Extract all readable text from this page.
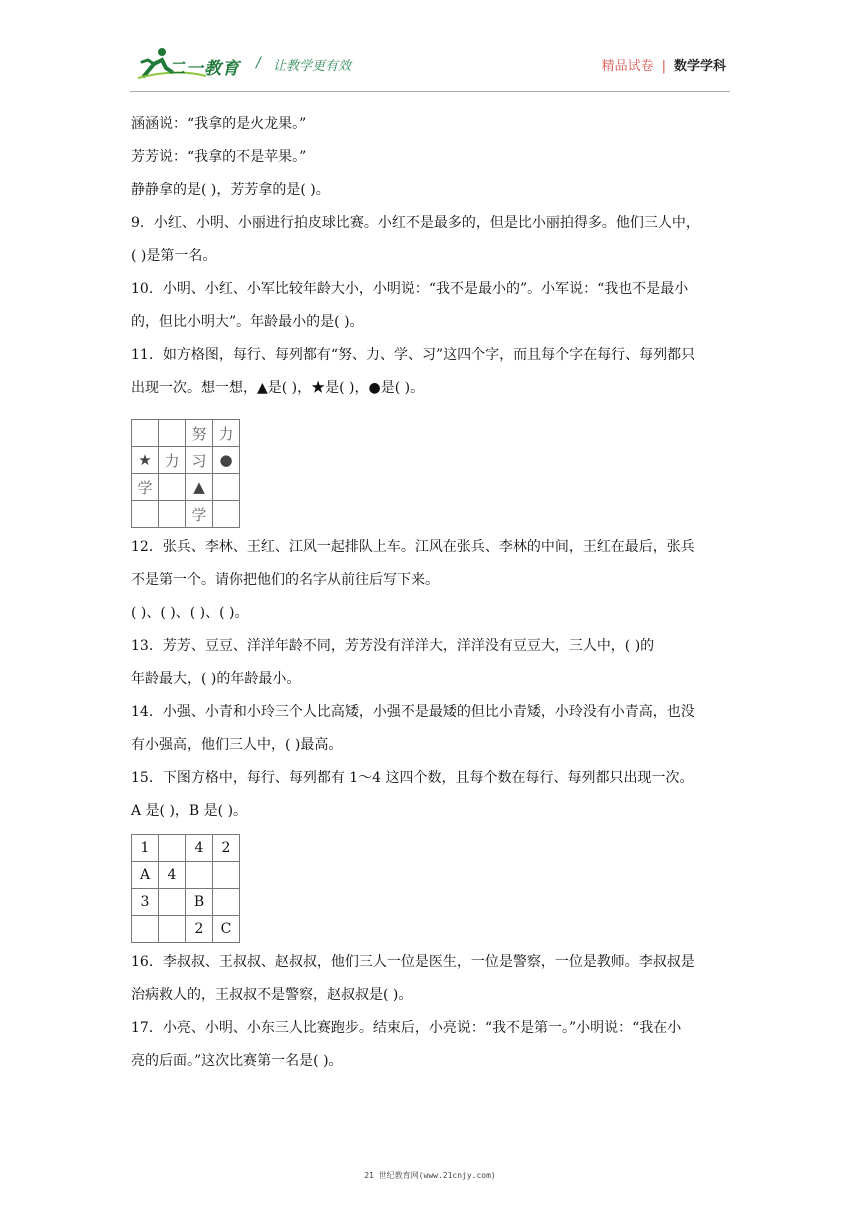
二一教育 / 让教学更有效	精品试卷 | 数学学科
涵涵说：“我拿的是火龙果。”
芳芳说：“我拿的不是苹果。”
静静拿的是( )，芳芳拿的是( )。
9．小红、小明、小丽进行拍皮球比赛。小红不是最多的，但是比小丽拍得多。他们三人中，
( )是第一名。
10．小明、小红、小军比较年龄大小，小明说：“我不是最小的”。小军说：“我也不是最小
的，但比小明大”。年龄最小的是( )。
11．如方格图，每行、每列都有“努、力、学、习”这四个字，而且每个字在每行、每列都只
出现一次。想一想，▲是( )，★是( )，●是( )。
		努	力
★	力	习	●
学		▲	
		学	
12．张兵、李林、王红、江风一起排队上车。江风在张兵、李林的中间，王红在最后，张兵
不是第一个。请你把他们的名字从前往后写下来。
( )、( )、( )、( )。
13．芳芳、豆豆、洋洋年龄不同，芳芳没有洋洋大，洋洋没有豆豆大，三人中，( )的
年龄最大，( )的年龄最小。
14．小强、小青和小玲三个人比高矮，小强不是最矮的但比小青矮，小玲没有小青高，也没
有小强高，他们三人中，( )最高。
15．下图方格中，每行、每列都有 1～4 这四个数，且每个数在每行、每列都只出现一次。
A 是( )，B 是( )。
1		4	2
A	4		
3		B	
		2	C
16．李叔叔、王叔叔、赵叔叔，他们三人一位是医生，一位是警察，一位是教师。李叔叔是
治病救人的，王叔叔不是警察，赵叔叔是( )。
17．小亮、小明、小东三人比赛跑步。结束后，小亮说：“我不是第一。”小明说：“我在小
亮的后面。”这次比赛第一名是( )。
21 世纪教育网(www.21cnjy.com)
